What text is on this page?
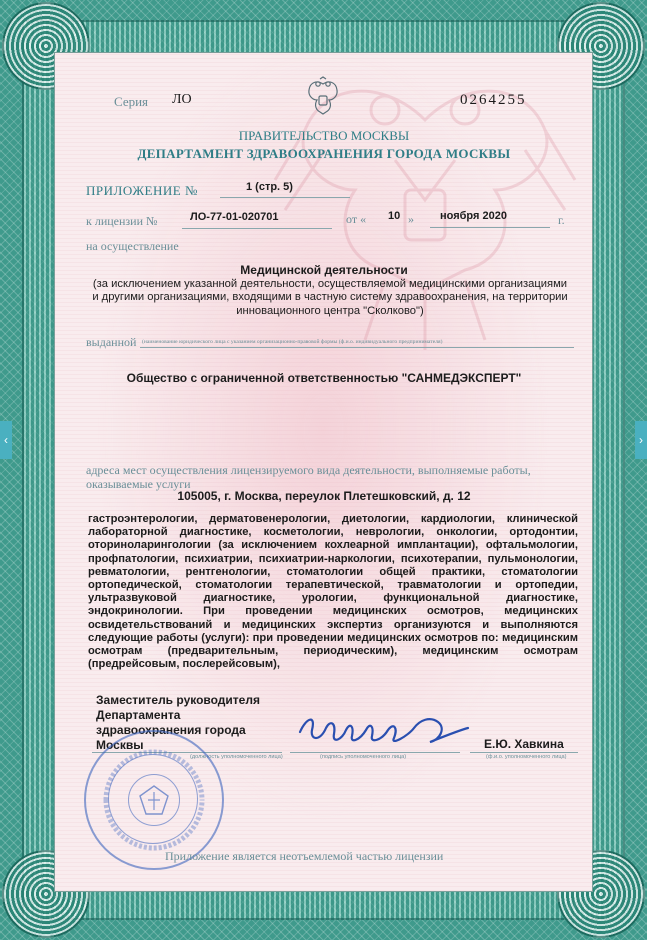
‹	›
Серия ЛО	0264255
ПРАВИТЕЛЬСТВО МОСКВЫ
ДЕПАРТАМЕНТ ЗДРАВООХРАНЕНИЯ ГОРОДА МОСКВЫ
ПРИЛОЖЕНИЕ №	1 (стр. 5)
к лицензии №	ЛО-77-01-020701	от « 10 » ноября 2020	г.
на осуществление
Медицинской деятельности
(за исключением указанной деятельности, осуществляемой медицинскими организациями и другими организациями, входящими в частную систему здравоохранения, на территории инновационного центра "Сколково")
выданной (наименование юридического лица с указанием организационно-правовой формы (ф.и.о. индивидуального предпринимателя)
Общество с ограниченной ответственностью "САНМЕДЭКСПЕРТ"
адреса мест осуществления лицензируемого вида деятельности, выполняемые работы, оказываемые услуги
105005, г. Москва, переулок Плетешковский, д. 12
гастроэнтерологии, дерматовенерологии, диетологии, кардиологии, клинической лабораторной диагностике, косметологии, неврологии, онкологии, ортодонтии, оториноларингологии (за исключением кохлеарной имплантации), офтальмологии, профпатологии, психиатрии, психиатрии-наркологии, психотерапии, пульмонологии, ревматологии, рентгенологии, стоматологии общей практики, стоматологии ортопедической, стоматологии терапевтической, травматологии и ортопедии, ультразвуковой диагностике, урологии, функциональной диагностике, эндокринологии. При проведении медицинских осмотров, медицинских освидетельствований и медицинских экспертиз организуются и выполняются следующие работы (услуги): при проведении медицинских осмотров по: медицинским осмотрам (предварительным, периодическим), медицинским осмотрам (предрейсовым, послерейсовым),
Заместитель руководителя
Департамента
здравоохранения города
Москвы
(должность уполномоченного лица)	(подпись уполномоченного лица)
Е.Ю. Хавкина
(ф.и.о. уполномоченного лица)
Приложение является неотъемлемой частью лицензии
